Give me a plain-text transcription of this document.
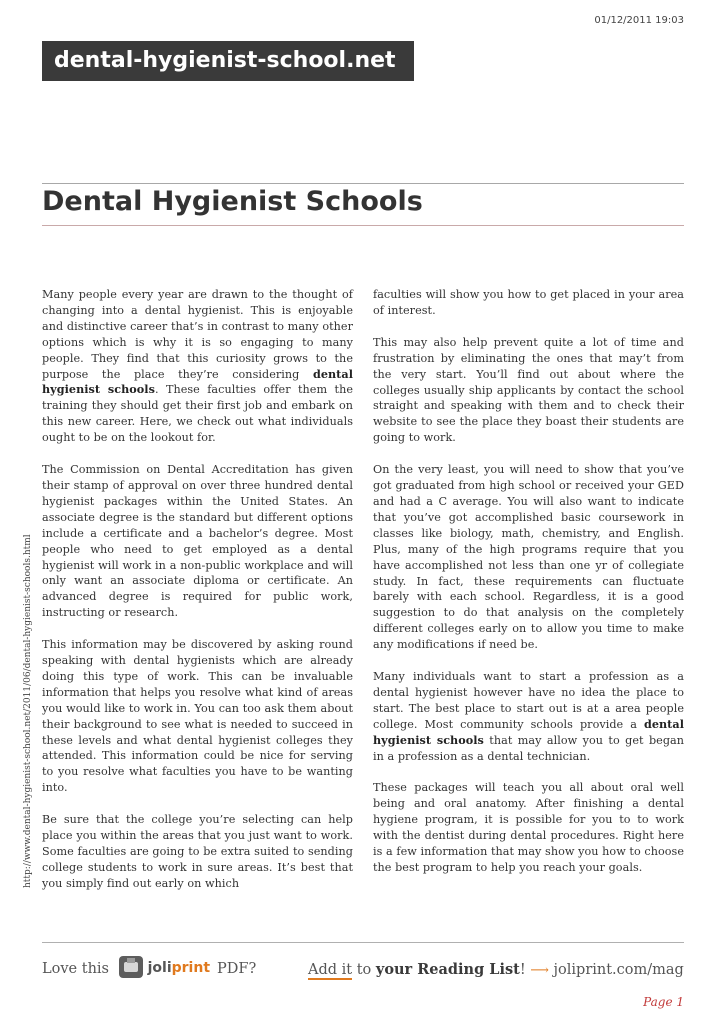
01/12/2011 19:03
dental-hygienist-school.net
Dental Hygienist Schools
http://www.dental-hygienist-school.net/2011/06/dental-hygienist-schools.html

Many people every year are drawn to the thought of changing into a dental hygienist. This is enjoyable and distinctive career that’s in contrast to many other options which is why it is so engaging to many people. They find that this curiosity grows to the purpose the place they’re considering dental hygienist schools. These faculties offer them the training they should get their first job and embark on this new career. Here, we check out what individuals ought to be on the lookout for.

The Commission on Dental Accreditation has given their stamp of approval on over three hundred dental hygienist packages within the United States. An associate degree is the standard but different options include a certificate and a bachelor’s degree. Most people who need to get employed as a dental hygienist will work in a non-public workplace and will only want an associate diploma or certificate. An advanced degree is required for public work, instructing or research.

This information may be discovered by asking round speaking with dental hygienists which are already doing this type of work. This can be invaluable information that helps you resolve what kind of areas you would like to work in. You can too ask them about their background to see what is needed to succeed in these levels and what dental hygienist colleges they attended. This information could be nice for serving to you resolve what faculties you have to be wanting into.

Be sure that the college you’re selecting can help place you within the areas that you just want to work. Some faculties are going to be extra suited to sending college students to work in sure areas. It’s best that you simply find out early on which

faculties will show you how to get placed in your area of interest.

This may also help prevent quite a lot of time and frustration by eliminating the ones that may’t from the very start. You’ll find out about where the colleges usually ship applicants by contact the school straight and speaking with them and to check their website to see the place they boast their students are going to work.

On the very least, you will need to show that you’ve got graduated from high school or received your GED and had a C average. You will also want to indicate that you’ve got accomplished basic coursework in classes like biology, math, chemistry, and English. Plus, many of the high programs require that you have accomplished not less than one yr of collegiate study. In fact, these requirements can fluctuate barely with each school. Regardless, it is a good suggestion to do that analysis on the completely different colleges early on to allow you time to make any modifications if need be.

Many individuals want to start a profession as a dental hygienist however have no idea the place to start. The best place to start out is at a area people college. Most community schools provide a dental hygienist schools that may allow you to get began in a profession as a dental technician.

These packages will teach you all about oral well being and oral anatomy. After finishing a dental hygiene program, it is possible for you to to work with the dentist during dental procedures. Right here is a few information that may show you how to choose the best program to help you reach your goals.

Love this	joliprint PDF?	Add it to your Reading List! ⟶ joliprint.com/mag
Page 1
